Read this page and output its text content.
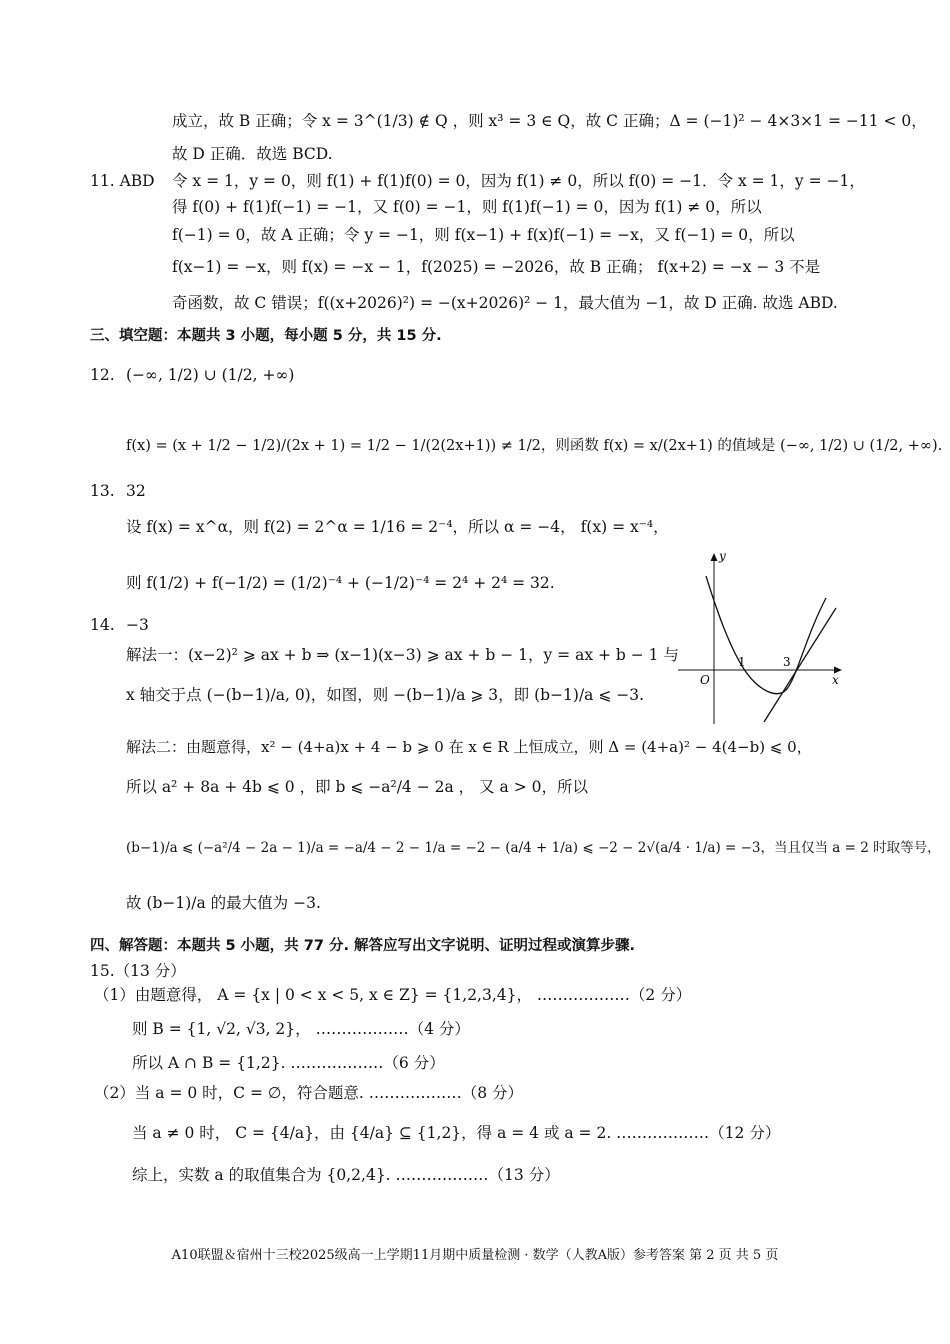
成立，故 B 正确；令 x = 3^(1/3) ∉ Q ，则 x³ = 3 ∈ Q，故 C 正确；Δ = (−1)² − 4×3×1 = −11 < 0，
故 D 正确．故选 BCD.
11. ABD 令 x = 1，y = 0，则 f(1) + f(1)f(0) = 0，因为 f(1) ≠ 0，所以 f(0) = −1．令 x = 1，y = −1，
得 f(0) + f(1)f(−1) = −1，又 f(0) = −1，则 f(1)f(−1) = 0，因为 f(1) ≠ 0，所以
f(−1) = 0，故 A 正确；令 y = −1，则 f(x−1) + f(x)f(−1) = −x，又 f(−1) = 0，所以
f(x−1) = −x，则 f(x) = −x − 1，f(2025) = −2026，故 B 正确； f(x+2) = −x − 3 不是
奇函数，故 C 错误；f((x+2026)²) = −(x+2026)² − 1，最大值为 −1，故 D 正确. 故选 ABD.
三、填空题：本题共 3 小题，每小题 5 分，共 15 分.
12. (−∞, 1/2) ∪ (1/2, +∞)
f(x) = (x + 1/2 − 1/2)/(2x + 1) = 1/2 − 1/(2(2x+1)) ≠ 1/2，则函数 f(x) = x/(2x+1) 的值域是 (−∞, 1/2) ∪ (1/2, +∞).
13. 32
设 f(x) = x^α，则 f(2) = 2^α = 1/16 = 2⁻⁴，所以 α = −4， f(x) = x⁻⁴，
则 f(1/2) + f(−1/2) = (1/2)⁻⁴ + (−1/2)⁻⁴ = 2⁴ + 2⁴ = 32.
y
x
O
1	3
14. −3
解法一：(x−2)² ⩾ ax + b ⇒ (x−1)(x−3) ⩾ ax + b − 1，y = ax + b − 1 与
x 轴交于点 (−(b−1)/a, 0)，如图，则 −(b−1)/a ⩾ 3，即 (b−1)/a ⩽ −3.
解法二：由题意得，x² − (4+a)x + 4 − b ⩾ 0 在 x ∈ R 上恒成立，则 Δ = (4+a)² − 4(4−b) ⩽ 0，
所以 a² + 8a + 4b ⩽ 0 ，即 b ⩽ −a²/4 − 2a ， 又 a > 0，所以
(b−1)/a ⩽ (−a²/4 − 2a − 1)/a = −a/4 − 2 − 1/a = −2 − (a/4 + 1/a) ⩽ −2 − 2√(a/4 · 1/a) = −3，当且仅当 a = 2 时取等号，
故 (b−1)/a 的最大值为 −3.
四、解答题：本题共 5 小题，共 77 分. 解答应写出文字说明、证明过程或演算步骤.
15.（13 分）
（1）由题意得， A = {x | 0 < x < 5, x ∈ Z} = {1,2,3,4}， ………………（2 分）
则 B = {1, √2, √3, 2}， ………………（4 分）
所以 A ∩ B = {1,2}. ………………（6 分）
（2）当 a = 0 时，C = ∅，符合题意. ………………（8 分）
当 a ≠ 0 时， C = {4/a}，由 {4/a} ⊆ {1,2}，得 a = 4 或 a = 2. ………………（12 分）
综上，实数 a 的取值集合为 {0,2,4}. ………………（13 分）
A10联盟＆宿州十三校2025级高一上学期11月期中质量检测 · 数学（人教A版）参考答案 第 2 页 共 5 页
